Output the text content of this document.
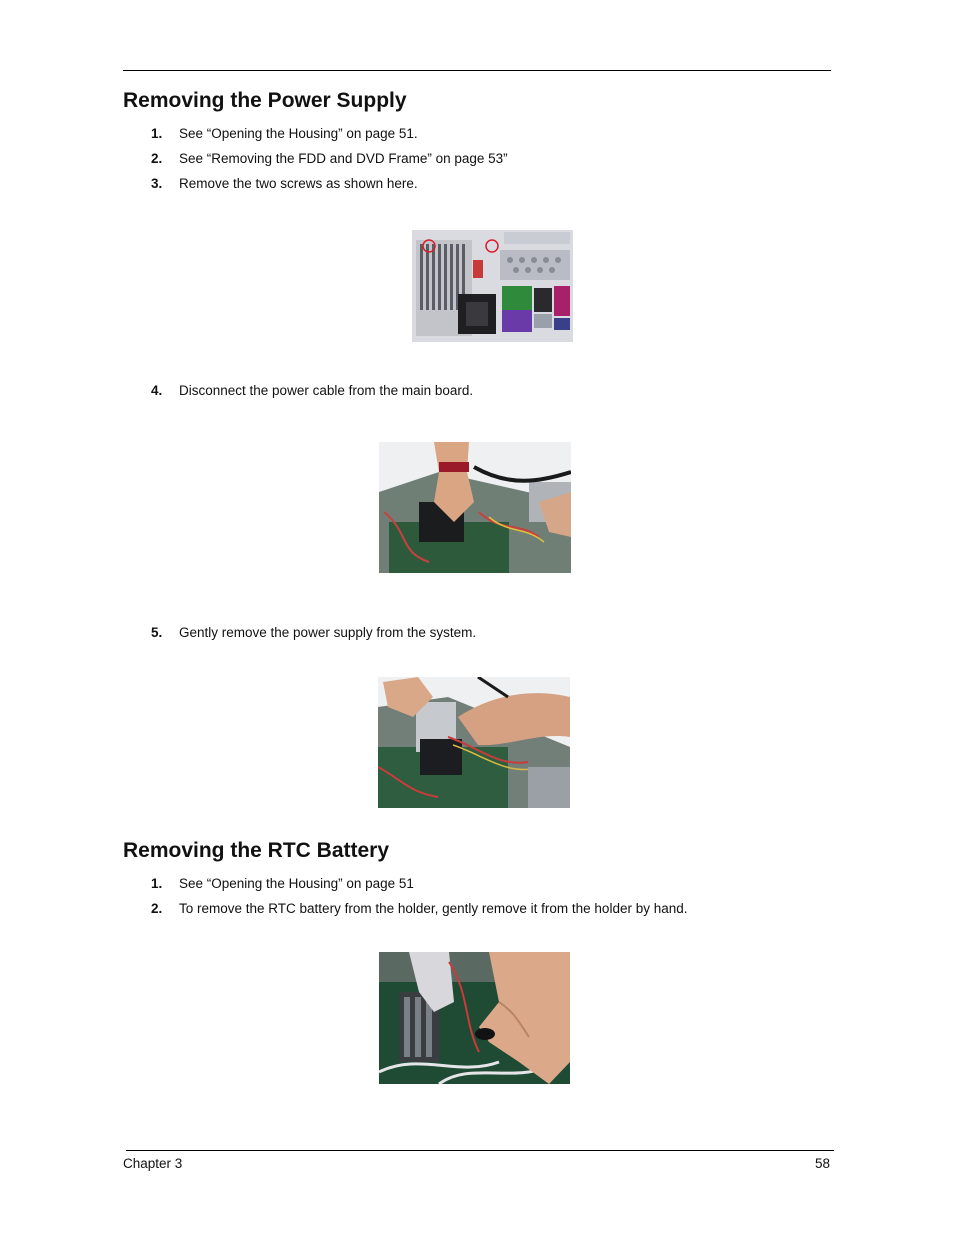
Removing the Power Supply
1. See “Opening the Housing” on page 51.
2. See “Removing the FDD and DVD Frame” on page 53”
3. Remove the two screws as shown here.
4. Disconnect the power cable from the main board.
5. Gently remove the power supply from the system.
Removing the RTC Battery
1. See “Opening the Housing” on page 51
2. To remove the RTC battery from the holder, gently remove it from the holder by hand.
Chapter 3	58
